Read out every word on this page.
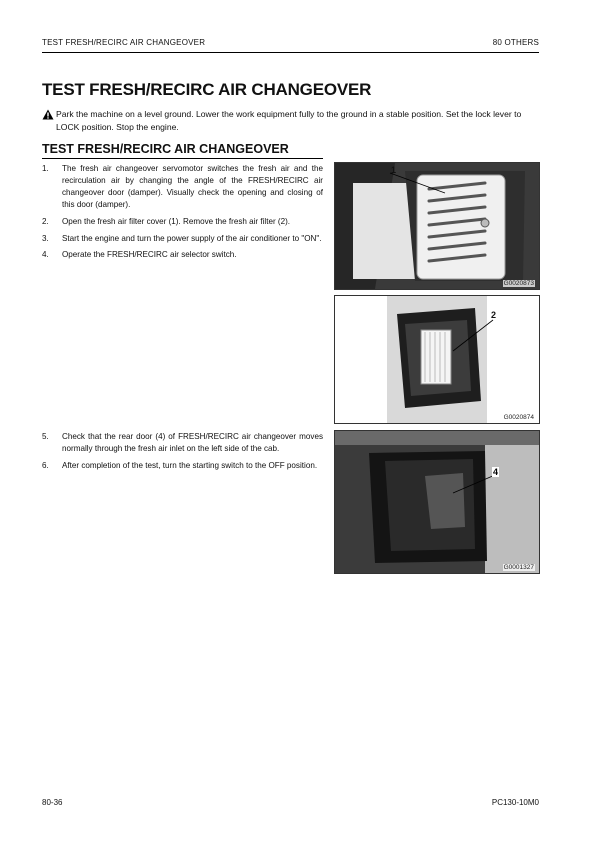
TEST FRESH/RECIRC AIR CHANGEOVER	80 OTHERS
TEST FRESH/RECIRC AIR CHANGEOVER
Park the machine on a level ground. Lower the work equipment fully to the ground in a stable position. Set the lock lever to LOCK position. Stop the engine.
TEST FRESH/RECIRC AIR CHANGEOVER
1. The fresh air changeover servomotor switches the fresh air and the recirculation air by changing the angle of the FRESH/RECIRC air changeover door (damper). Visually check the opening and closing of this door (damper).
2. Open the fresh air filter cover (1). Remove the fresh air filter (2).
3. Start the engine and turn the power supply of the air conditioner to "ON".
4. Operate the FRESH/RECIRC air selector switch.
5. Check that the rear door (4) of FRESH/RECIRC air changeover moves normally through the fresh air inlet on the left side of the cab.
6. After completion of the test, turn the starting switch to the OFF position.
1
G0020873
2
G0020874
4
G0001327
80-36	PC130-10M0
